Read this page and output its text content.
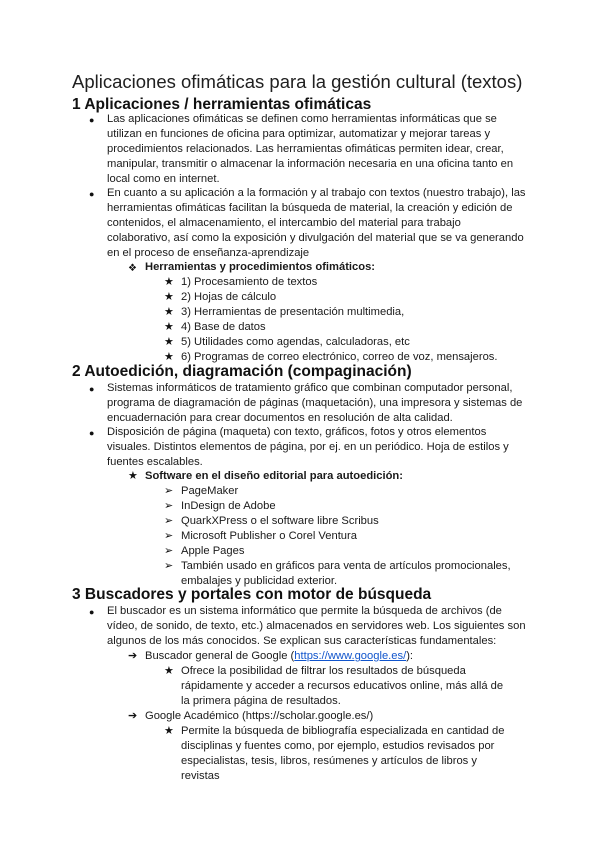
Aplicaciones ofimáticas para la gestión cultural (textos)
1 Aplicaciones / herramientas ofimáticas
● Las aplicaciones ofimáticas se definen como herramientas informáticas que se utilizan en funciones de oficina para optimizar, automatizar y mejorar tareas y procedimientos relacionados. Las herramientas ofimáticas permiten idear, crear, manipular, transmitir o almacenar la información necesaria en una oficina tanto en local como en internet.
● En cuanto a su aplicación a la formación y al trabajo con textos (nuestro trabajo), las herramientas ofimáticas facilitan la búsqueda de material, la creación y edición de contenidos, el almacenamiento, el intercambio del material para trabajo colaborativo, así como la exposición y divulgación del material que se va generando en el proceso de enseñanza-aprendizaje
❖ Herramientas y procedimientos ofimáticos:
★ 1) Procesamiento de textos
★ 2) Hojas de cálculo
★ 3) Herramientas de presentación multimedia,
★ 4) Base de datos
★ 5) Utilidades como agendas, calculadoras, etc
★ 6) Programas de correo electrónico, correo de voz, mensajeros.
2 Autoedición, diagramación (compaginación)
● Sistemas informáticos de tratamiento gráfico que combinan computador personal, programa de diagramación de páginas (maquetación), una impresora y sistemas de encuadernación para crear documentos en resolución de alta calidad.
● Disposición de página (maqueta) con texto, gráficos, fotos y otros elementos visuales. Distintos elementos de página, por ej. en un periódico. Hoja de estilos y fuentes escalables.
★ Software en el diseño editorial para autoedición:
➢ PageMaker
➢ InDesign de Adobe
➢ QuarkXPress o el software libre Scribus
➢ Microsoft Publisher o Corel Ventura
➢ Apple Pages
➢ También usado en gráficos para venta de artículos promocionales, embalajes y publicidad exterior.
3 Buscadores y portales con motor de búsqueda
● El buscador es un sistema informático que permite la búsqueda de archivos (de vídeo, de sonido, de texto, etc.) almacenados en servidores web. Los siguientes son algunos de los más conocidos. Se explican sus características fundamentales:
➔ Buscador general de Google (https://www.google.es/):
★ Ofrece la posibilidad de filtrar los resultados de búsqueda rápidamente y acceder a recursos educativos online, más allá de la primera página de resultados.
➔ Google Académico (https://scholar.google.es/)
★ Permite la búsqueda de bibliografía especializada en cantidad de disciplinas y fuentes como, por ejemplo, estudios revisados por especialistas, tesis, libros, resúmenes y artículos de libros y revistas
